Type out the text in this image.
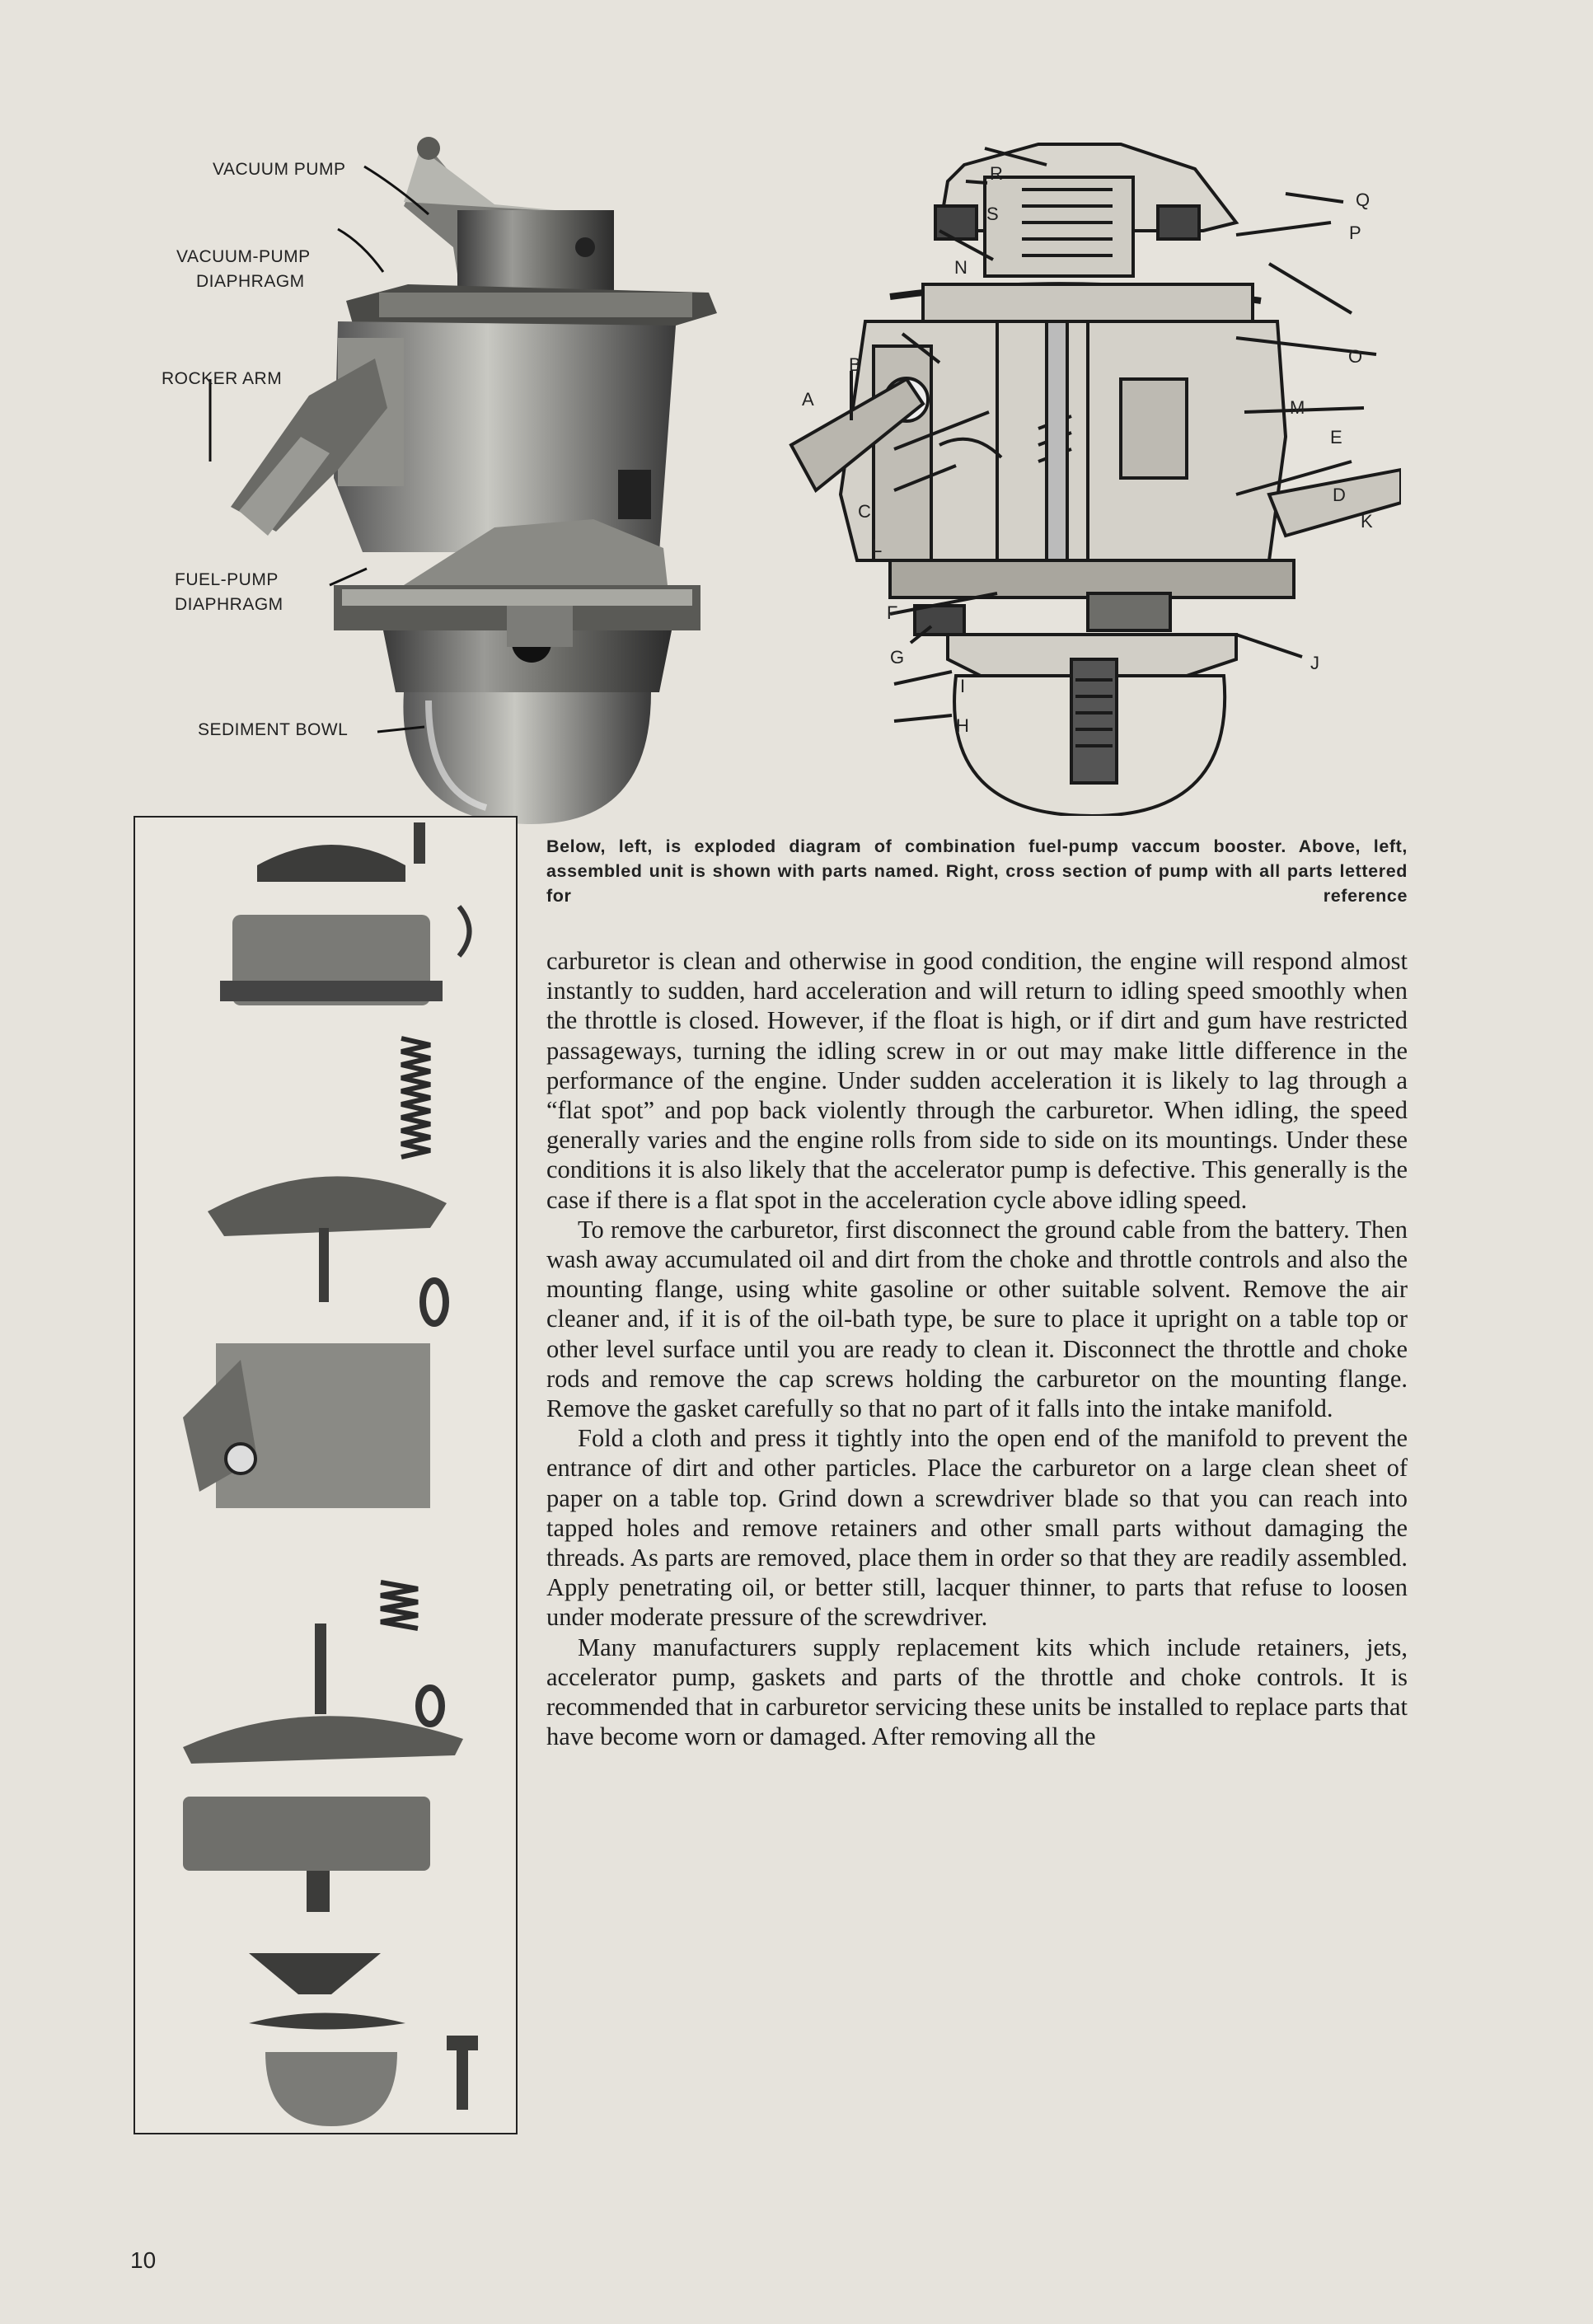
VACUUM PUMP
VACUUM-PUMP
DIAPHRAGM
ROCKER ARM
FUEL-PUMP
DIAPHRAGM
SEDIMENT BOWL
R
S
Q
P
N
O
B
A	M
E
C
D
K
L
F
G	J
I
H
Below, left, is exploded diagram of combination fuel-pump vaccum booster. Above, left, assembled unit is shown with parts named. Right, cross section of pump with all parts lettered for reference

carburetor is clean and otherwise in good condition, the engine will respond almost instantly to sudden, hard acceleration and will return to idling speed smoothly when the throttle is closed. However, if the float is high, or if dirt and gum have restricted passageways, turning the idling screw in or out may make little difference in the performance of the engine. Under sudden acceleration it is likely to lag through a “flat spot” and pop back violently through the carburetor. When idling, the speed generally varies and the engine rolls from side to side on its mountings. Under these conditions it is also likely that the accelerator pump is defective. This generally is the case if there is a flat spot in the acceleration cycle above idling speed.

To remove the carburetor, first disconnect the ground cable from the battery. Then wash away accumulated oil and dirt from the choke and throttle controls and also the mounting flange, using white gasoline or other suitable solvent. Remove the air cleaner and, if it is of the oil-bath type, be sure to place it upright on a table top or other level surface until you are ready to clean it. Disconnect the throttle and choke rods and remove the cap screws holding the carburetor on the mounting flange. Remove the gasket carefully so that no part of it falls into the intake manifold.

Fold a cloth and press it tightly into the open end of the manifold to prevent the entrance of dirt and other particles. Place the carburetor on a large clean sheet of paper on a table top. Grind down a screwdriver blade so that you can reach into tapped holes and remove retainers and other small parts without damaging the threads. As parts are removed, place them in order so that they are readily assembled. Apply penetrating oil, or better still, lacquer thinner, to parts that refuse to loosen under moderate pressure of the screwdriver.

Many manufacturers supply replacement kits which include retainers, jets, accelerator pump, gaskets and parts of the throttle and choke controls. It is recommended that in carburetor servicing these units be installed to replace parts that have become worn or damaged. After removing all the

10
